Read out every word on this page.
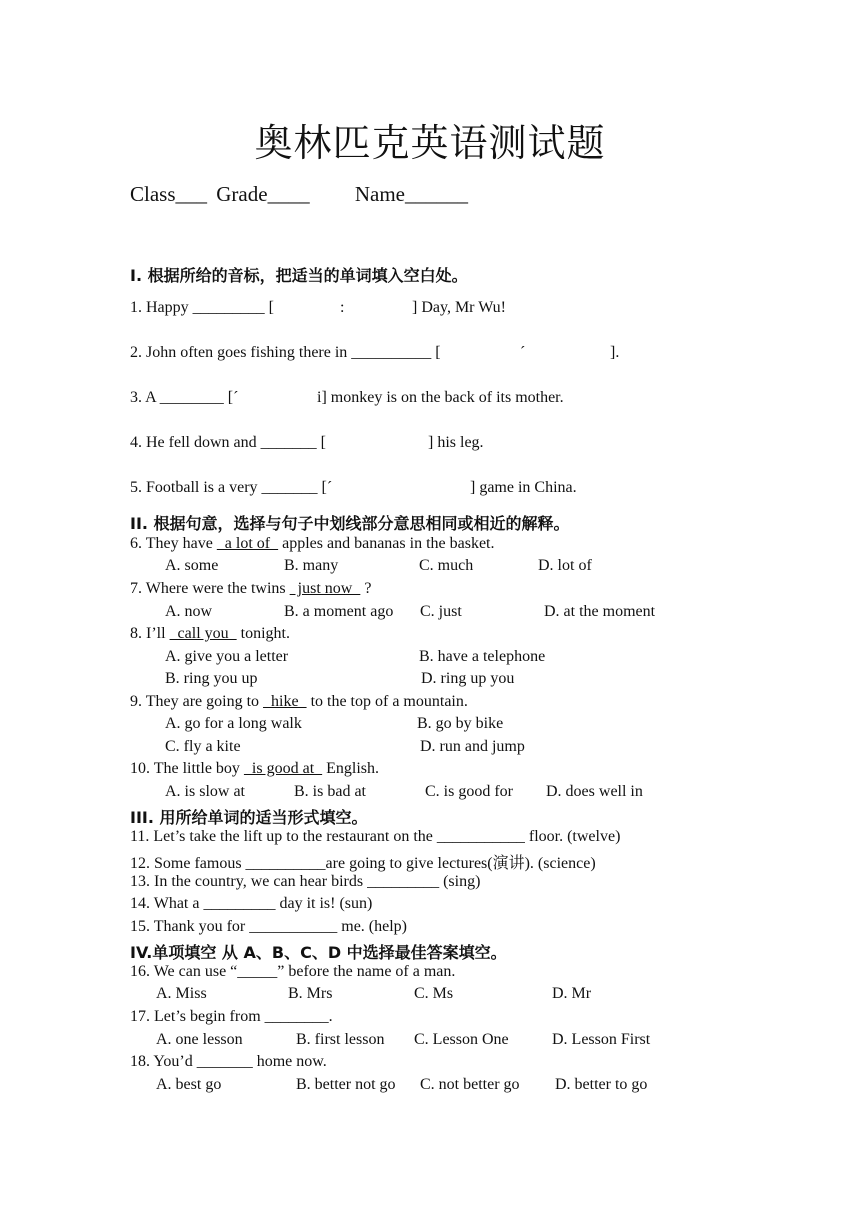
奥林匹克英语测试题
Class___ Grade____ Name______
I. 根据所给的音标，把适当的单词填入空白处。
1. Happy _________ [	:	] Day, Mr Wu!
2. John often goes fishing there in __________ [	ˊ	].
3. A ________ [ˊ	i] monkey is on the back of its mother.
4. He fell down and _______ [	] his leg.
5. Football is a very _______ [ˊ	] game in China.
II. 根据句意，选择与句子中划线部分意思相同或相近的解释。
6. They have   a lot of   apples and bananas in the basket.
A. some	B. many	C. much	D. lot of
7. Where were the twins   just now   ?
A. now	B. a moment ago C. just	D. at the moment
8. I’ll   call you   tonight.
A. give you a letter	B. have a telephone
B. ring you up	D. ring up you
9. They are going to   hike   to the top of a mountain.
A. go for a long walk	B. go by bike
C. fly a kite	D. run and jump
10. The little boy   is good at   English.
A. is slow at	B. is bad at	C. is good for D. does well in
III. 用所给单词的适当形式填空。
11. Let’s take the lift up to the restaurant on the ___________ floor. (twelve)
12. Some famous __________are going to give lectures(演讲). (science)
13. In the country, we can hear birds _________ (sing)
14. What a _________ day it is! (sun)
15. Thank you for ___________ me. (help)
IV.单项填空 从 A、B、C、D 中选择最佳答案填空。
16. We can use “_____” before the name of a man.
A. Miss	B. Mrs	C. Ms	D. Mr
17. Let’s begin from ________.
A. one lesson	B. first lesson C. Lesson One	D. Lesson First
18. You’d _______ home now.
A. best go	B. better not go C. not better go D. better to go
